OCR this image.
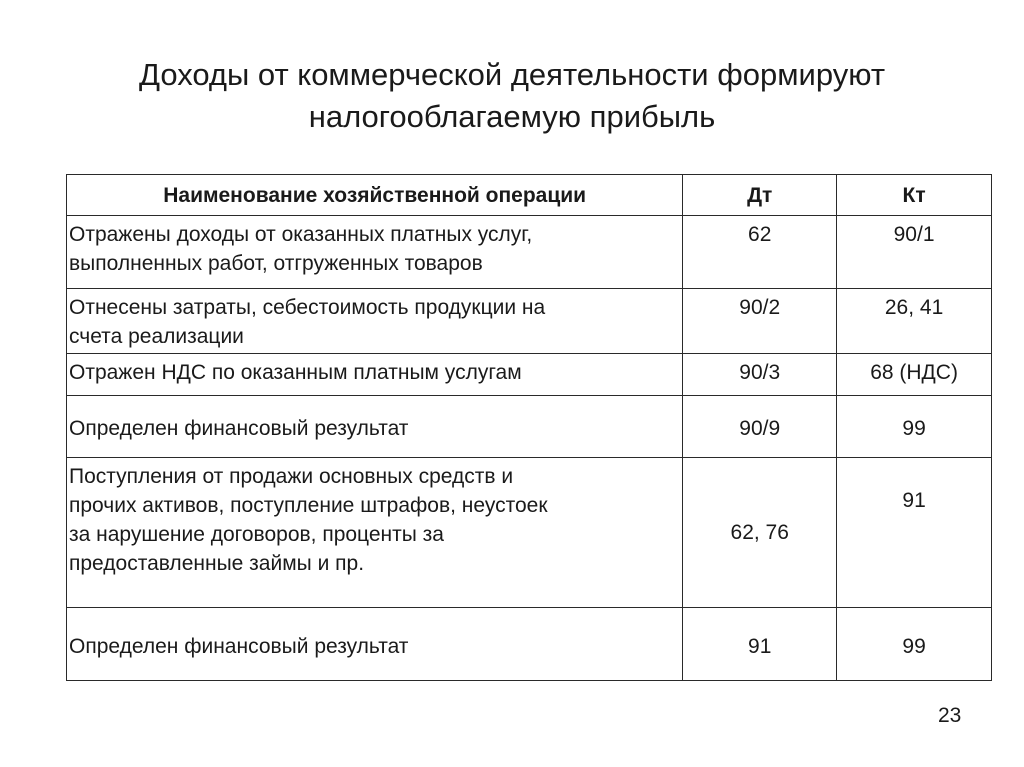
Доходы от коммерческой деятельности формируют
налогооблагаемую прибыль
Наименование хозяйственной операции	Дт	Кт

Отражены доходы от оказанных платных услуг,
выполненных работ, отгруженных товаров	62	90/1

Отнесены затраты, себестоимость продукции на
счета реализации	90/2	26, 41

Отражен НДС по оказанным платным услугам	90/3	68 (НДС)

Определен финансовый результат	90/9	99

Поступления от продажи основных средств и
прочих активов, поступление штрафов, неустоек
за нарушение договоров, проценты за
предоставленные займы и пр.	62, 76	91

Определен финансовый результат	91	99
23
